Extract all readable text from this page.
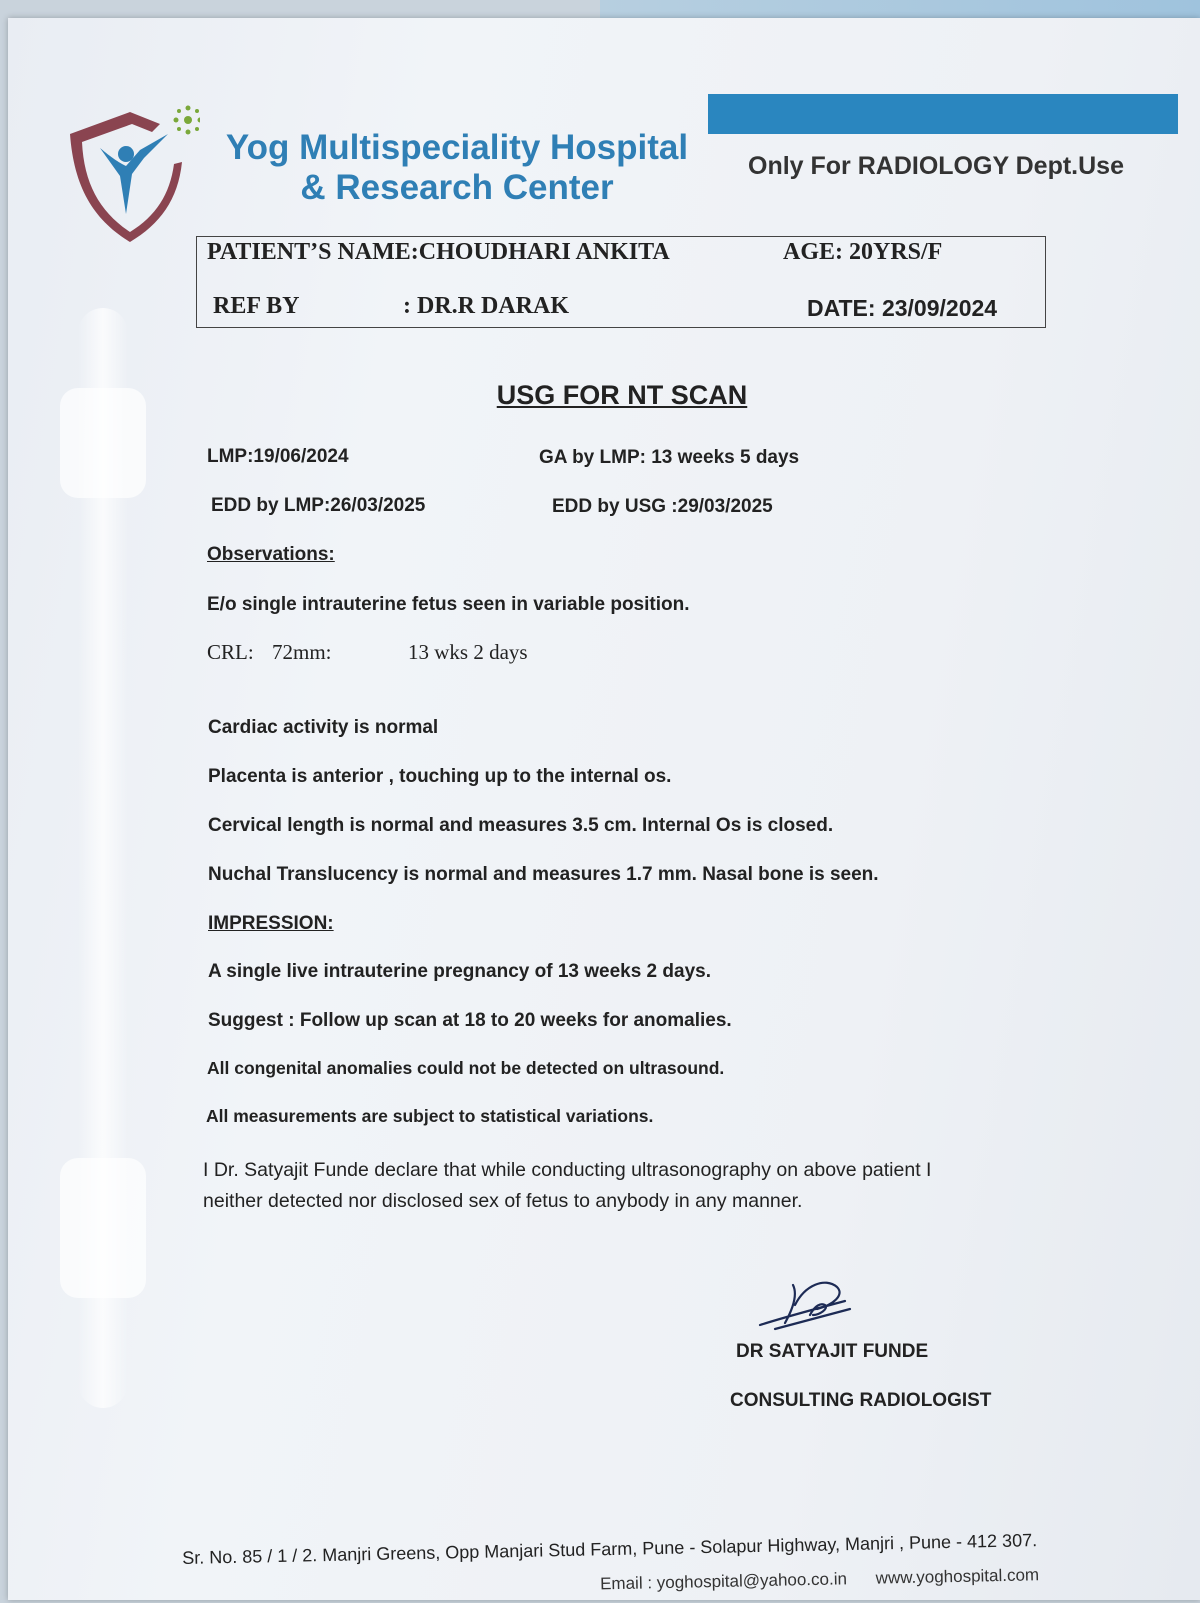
Yog Multispeciality Hospital
& Research Center
Only For RADIOLOGY Dept.Use
PATIENT’S NAME:CHOUDHARI ANKITA	AGE: 20YRS/F
REF BY	: DR.R DARAK	DATE: 23/09/2024
USG FOR NT SCAN
LMP:19/06/2024	GA by LMP: 13 weeks 5 days
EDD by LMP:26/03/2025	EDD by USG :29/03/2025
Observations:
E/o single intrauterine fetus seen in variable position.
CRL: 72mm:	13 wks 2 days
Cardiac activity is normal
Placenta is anterior , touching up to the internal os.
Cervical length is normal and measures 3.5 cm. Internal Os is closed.
Nuchal Translucency is normal and measures 1.7 mm. Nasal bone is seen.
IMPRESSION:
A single live intrauterine pregnancy of 13 weeks 2 days.
Suggest : Follow up scan at 18 to 20 weeks for anomalies.
All congenital anomalies could not be detected on ultrasound.
All measurements are subject to statistical variations.
I Dr. Satyajit Funde declare that while conducting ultrasonography on above patient I neither detected nor disclosed sex of fetus to anybody in any manner.
DR SATYAJIT FUNDE
CONSULTING RADIOLOGIST
Sr. No. 85 / 1 / 2. Manjri Greens, Opp Manjari Stud Farm, Pune - Solapur Highway, Manjri , Pune - 412 307.
Email : yoghospital@yahoo.co.in www.yoghospital.com
